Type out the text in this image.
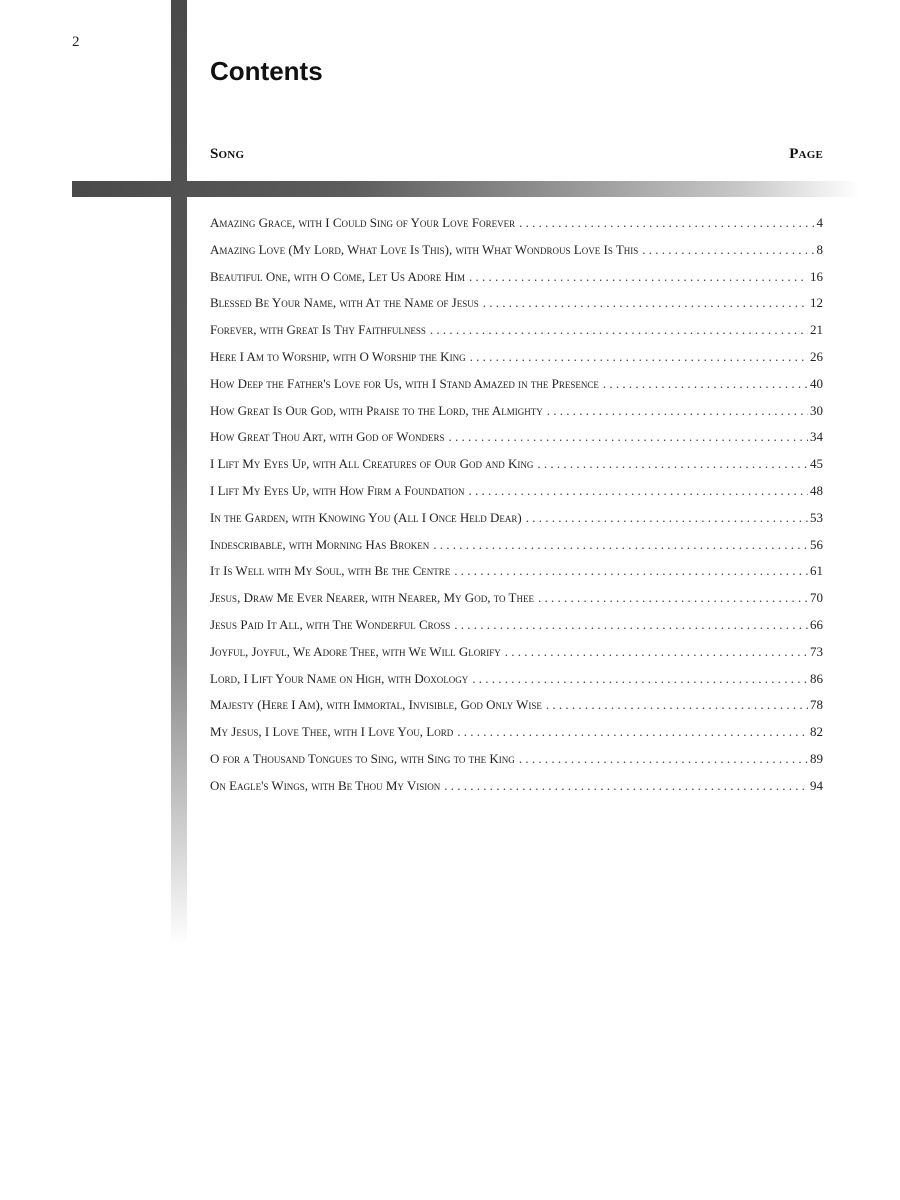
2
Contents
Song	Page
Amazing Grace, with I Could Sing of Your Love Forever . . .	4
Amazing Love (My Lord, What Love Is This), with What Wondrous Love Is This . . .	8
Beautiful One, with O Come, Let Us Adore Him . . .	16
Blessed Be Your Name, with At the Name of Jesus . . .	12
Forever, with Great Is Thy Faithfulness . . .	21
Here I Am to Worship, with O Worship the King . . .	26
How Deep the Father's Love for Us, with I Stand Amazed in the Presence . . .	40
How Great Is Our God, with Praise to the Lord, the Almighty . . .	30
How Great Thou Art, with God of Wonders . . .	34
I Lift My Eyes Up, with All Creatures of Our God and King . . .	45
I Lift My Eyes Up, with How Firm a Foundation . . .	48
In the Garden, with Knowing You (All I Once Held Dear) . . .	53
Indescribable, with Morning Has Broken . . .	56
It Is Well with My Soul, with Be the Centre . . .	61
Jesus, Draw Me Ever Nearer, with Nearer, My God, to Thee . . .	70
Jesus Paid It All, with The Wonderful Cross . . .	66
Joyful, Joyful, We Adore Thee, with We Will Glorify . . .	73
Lord, I Lift Your Name on High, with Doxology . . .	86
Majesty (Here I Am), with Immortal, Invisible, God Only Wise . . .	78
My Jesus, I Love Thee, with I Love You, Lord . . .	82
O for a Thousand Tongues to Sing, with Sing to the King . . .	89
On Eagle's Wings, with Be Thou My Vision . . .	94
